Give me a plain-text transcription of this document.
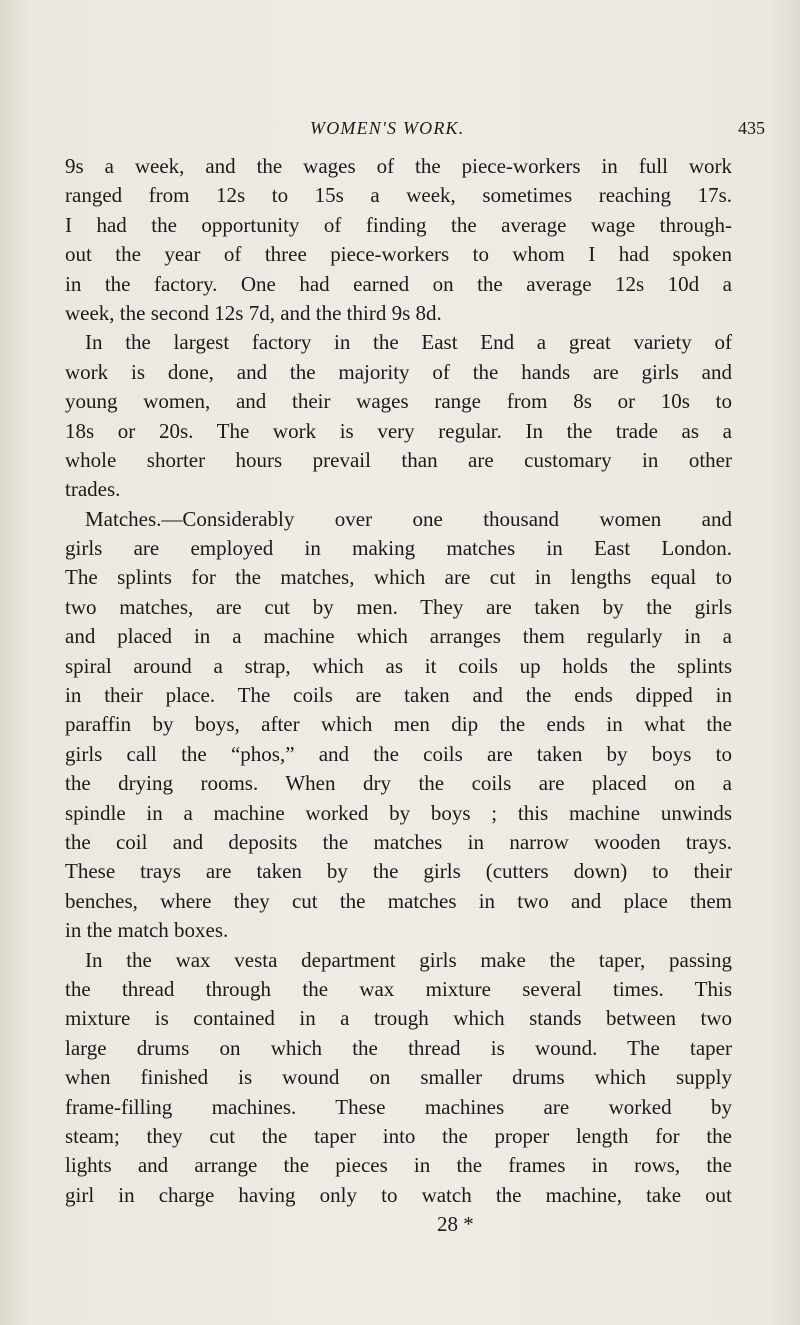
WOMEN'S WORK.	435
9s a week, and the wages of the piece-workers in full work
ranged from 12s to 15s a week, sometimes reaching 17s.
I had the opportunity of finding the average wage through-
out the year of three piece-workers to whom I had spoken
in the factory. One had earned on the average 12s 10d a
week, the second 12s 7d, and the third 9s 8d.
In the largest factory in the East End a great variety of
work is done, and the majority of the hands are girls and
young women, and their wages range from 8s or 10s to
18s or 20s. The work is very regular. In the trade as a
whole shorter hours prevail than are customary in other
trades.
Matches.—Considerably over one thousand women and
girls are employed in making matches in East London.
The splints for the matches, which are cut in lengths equal to
two matches, are cut by men. They are taken by the girls
and placed in a machine which arranges them regularly in a
spiral around a strap, which as it coils up holds the splints
in their place. The coils are taken and the ends dipped in
paraffin by boys, after which men dip the ends in what the
girls call the “phos,” and the coils are taken by boys to
the drying rooms. When dry the coils are placed on a
spindle in a machine worked by boys ; this machine unwinds
the coil and deposits the matches in narrow wooden trays.
These trays are taken by the girls (cutters down) to their
benches, where they cut the matches in two and place them
in the match boxes.
In the wax vesta department girls make the taper, passing
the thread through the wax mixture several times. This
mixture is contained in a trough which stands between two
large drums on which the thread is wound. The taper
when finished is wound on smaller drums which supply
frame-filling machines. These machines are worked by
steam; they cut the taper into the proper length for the
lights and arrange the pieces in the frames in rows, the
girl in charge having only to watch the machine, take out
28 *
